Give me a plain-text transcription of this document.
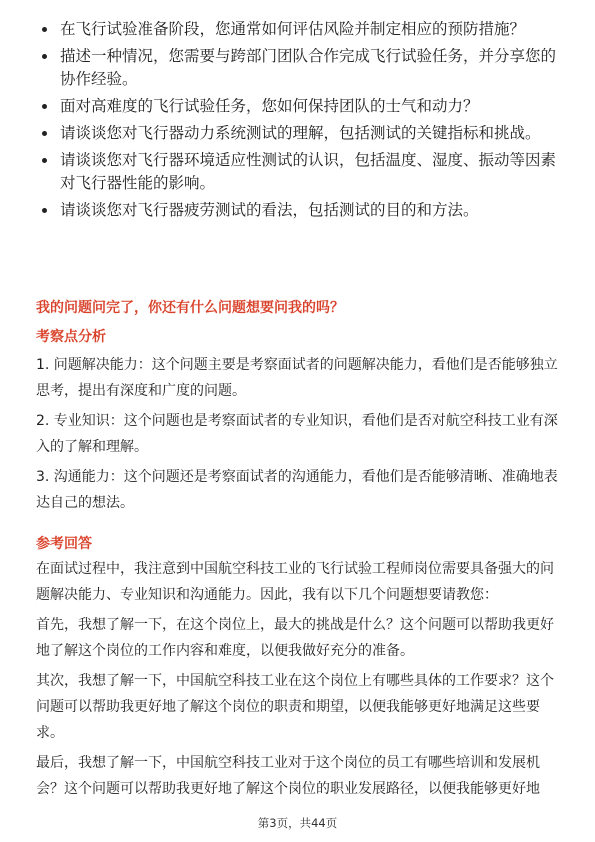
在飞行试验准备阶段，您通常如何评估风险并制定相应的预防措施？
描述一种情况，您需要与跨部门团队合作完成飞行试验任务，并分享您的协作经验。
面对高难度的飞行试验任务，您如何保持团队的士气和动力？
请谈谈您对飞行器动力系统测试的理解，包括测试的关键指标和挑战。
请谈谈您对飞行器环境适应性测试的认识，包括温度、湿度、振动等因素对飞行器性能的影响。
请谈谈您对飞行器疲劳测试的看法，包括测试的目的和方法。
我的问题问完了，你还有什么问题想要问我的吗？
考察点分析

1. 问题解决能力：这个问题主要是考察面试者的问题解决能力，看他们是否能够独立思考，提出有深度和广度的问题。

2. 专业知识：这个问题也是考察面试者的专业知识，看他们是否对航空科技工业有深入的了解和理解。

3. 沟通能力：这个问题还是考察面试者的沟通能力，看他们是否能够清晰、准确地表达自己的想法。

参考回答

在面试过程中，我注意到中国航空科技工业的飞行试验工程师岗位需要具备强大的问题解决能力、专业知识和沟通能力。因此，我有以下几个问题想要请教您：

首先，我想了解一下，在这个岗位上，最大的挑战是什么？这个问题可以帮助我更好地了解这个岗位的工作内容和难度，以便我做好充分的准备。

其次，我想了解一下，中国航空科技工业在这个岗位上有哪些具体的工作要求？这个问题可以帮助我更好地了解这个岗位的职责和期望，以便我能够更好地满足这些要求。

最后，我想了解一下，中国航空科技工业对于这个岗位的员工有哪些培训和发展机会？这个问题可以帮助我更好地了解这个岗位的职业发展路径，以便我能够更好地

第3页，共44页
